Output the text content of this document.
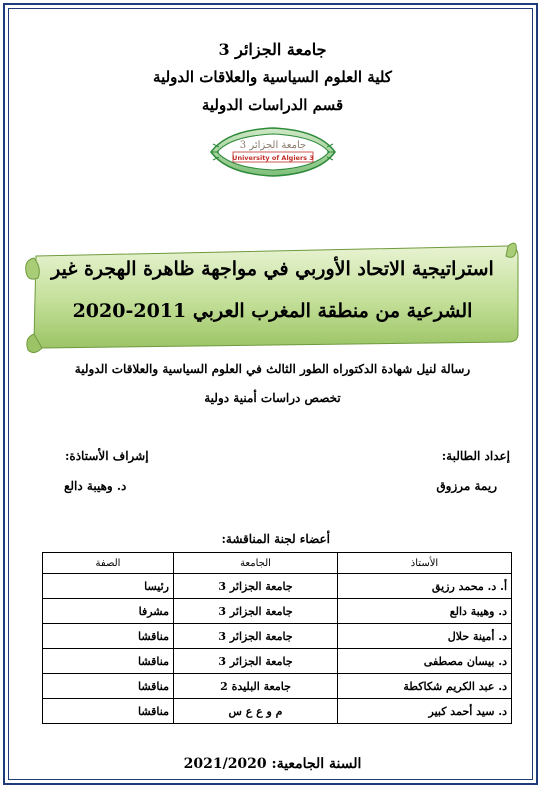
جامعة الجزائر 3
كلية العلوم السياسية والعلاقات الدولية
قسم الدراسات الدولية
جامعة الجزائر 3
University of Algiers 3
استراتيجية الاتحاد الأوربي في مواجهة ظاهرة الهجرة غير
الشرعية من منطقة المغرب العربي 2011-2020
رسالة لنيل شهادة الدكتوراه الطور الثالث في العلوم السياسية والعلاقات الدولية
تخصص دراسات أمنية دولية
إعداد الطالبة:
ريمة مرزوق
إشراف الأستاذة:
د. وهيبة دالع
أعضاء لجنة المناقشة:
الأستاذ	الجامعة	الصفة
أ. د. محمد رزيق	جامعة الجزائر 3	رئيسا
د. وهيبة دالع	جامعة الجزائر 3	مشرفا
د. أمينة حلال	جامعة الجزائر 3	مناقشا
د. بيسان مصطفى	جامعة الجزائر 3	مناقشا
د. عبد الكريم شكاكطة	جامعة البليدة 2	مناقشا
د. سيد أحمد كبير	م و ع ع س	مناقشا
السنة الجامعية: 2021/2020
